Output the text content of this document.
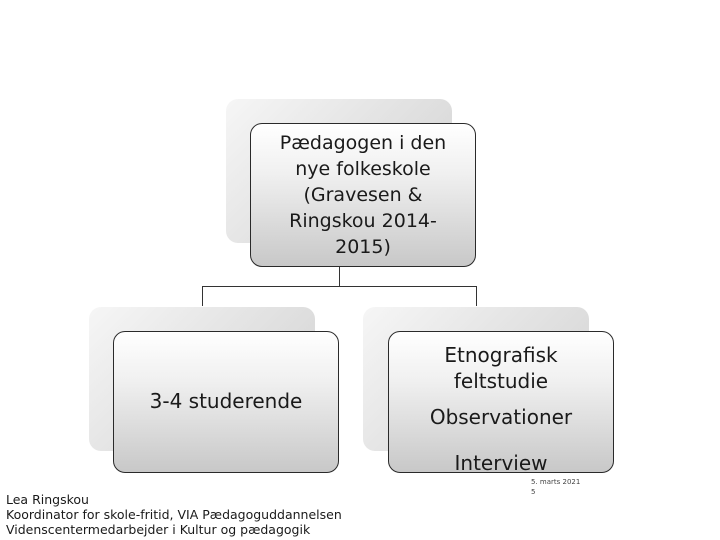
Pædagogen i den
nye folkeskole
(Gravesen &
Ringskou 2014-
2015)
3-4 studerende
Etnografisk
feltstudie
Observationer
Interview
5. marts 2021
5
Lea Ringskou
Koordinator for skole-fritid, VIA Pædagoguddannelsen
Videnscentermedarbejder i Kultur og pædagogik
